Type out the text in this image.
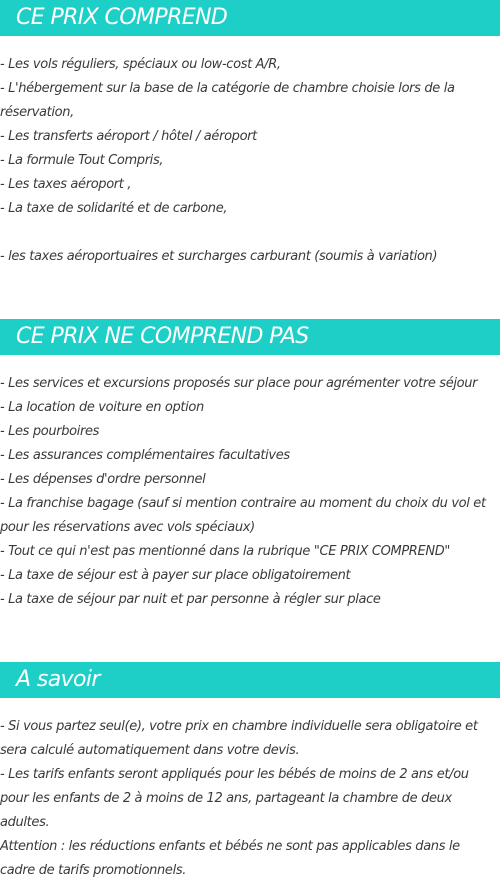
CE PRIX COMPREND
- Les vols réguliers, spéciaux ou low-cost A/R,
- L'hébergement sur la base de la catégorie de chambre choisie lors de la réservation,
- Les transferts aéroport / hôtel / aéroport
- La formule Tout Compris,
- Les taxes aéroport ,
- La taxe de solidarité et de carbone,
- les taxes aéroportuaires et surcharges carburant (soumis à variation)
CE PRIX NE COMPREND PAS
- Les services et excursions proposés sur place pour agrémenter votre séjour
- La location de voiture en option
- Les pourboires
- Les assurances complémentaires facultatives
- Les dépenses d'ordre personnel
- La franchise bagage (sauf si mention contraire au moment du choix du vol et pour les réservations avec vols spéciaux)
- Tout ce qui n'est pas mentionné dans la rubrique "CE PRIX COMPREND"
- La taxe de séjour est à payer sur place obligatoirement
- La taxe de séjour par nuit et par personne à régler sur place
A savoir
- Si vous partez seul(e), votre prix en chambre individuelle sera obligatoire et sera calculé automatiquement dans votre devis.
- Les tarifs enfants seront appliqués pour les bébés de moins de 2 ans et/ou pour les enfants de 2 à moins de 12 ans, partageant la chambre de deux adultes.
Attention : les réductions enfants et bébés ne sont pas applicables dans le cadre de tarifs promotionnels.
